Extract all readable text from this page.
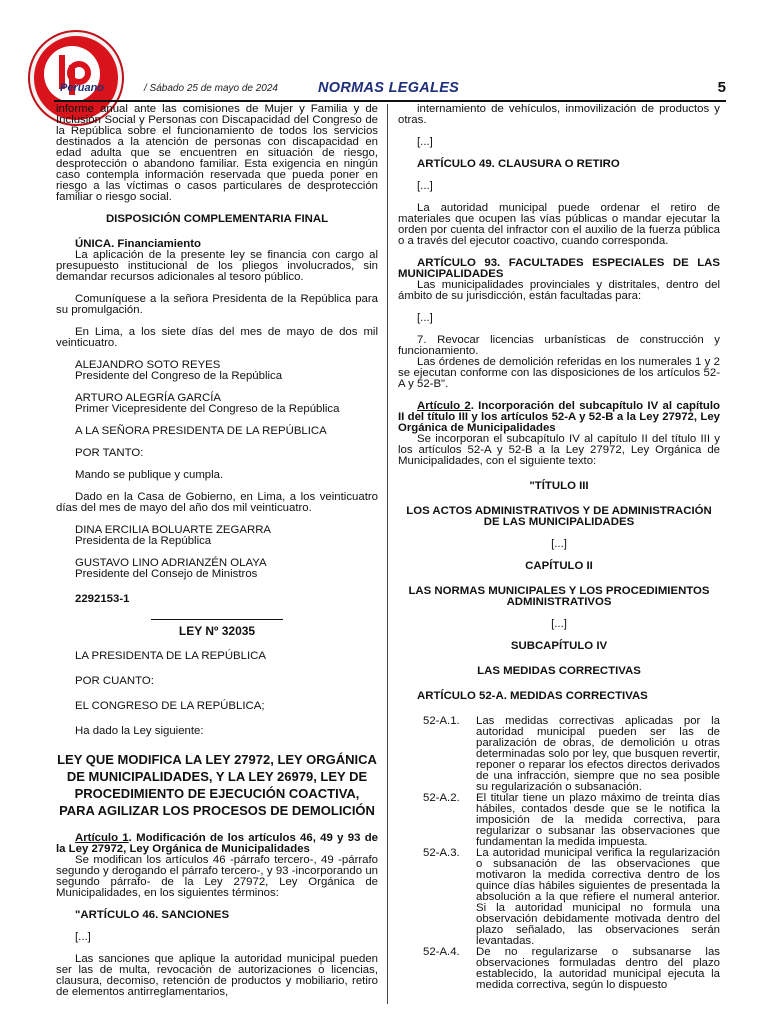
Peruano	/ Sábado 25 de mayo de 2024	NORMAS LEGALES	5

informe anual ante las comisiones de Mujer y Familia y de Inclusión Social y Personas con Discapacidad del Congreso de la República sobre el funcionamiento de todos los servicios destinados a la atención de personas con discapacidad en edad adulta que se encuentren en situación de riesgo, desprotección o abandono familiar. Esta exigencia en ningún caso contempla información reservada que pueda poner en riesgo a las víctimas o casos particulares de desprotección familiar o riesgo social.

DISPOSICIÓN COMPLEMENTARIA FINAL

ÚNICA. Financiamiento

La aplicación de la presente ley se financia con cargo al presupuesto institucional de los pliegos involucrados, sin demandar recursos adicionales al tesoro público.

Comuníquese a la señora Presidenta de la República para su promulgación.

En Lima, a los siete días del mes de mayo de dos mil veinticuatro.

ALEJANDRO SOTO REYES

Presidente del Congreso de la República

ARTURO ALEGRÍA GARCÍA

Primer Vicepresidente del Congreso de la República

A LA SEÑORA PRESIDENTA DE LA REPÚBLICA

POR TANTO:

Mando se publique y cumpla.

Dado en la Casa de Gobierno, en Lima, a los veinticuatro días del mes de mayo del año dos mil veinticuatro.

DINA ERCILIA BOLUARTE ZEGARRA

Presidenta de la República

GUSTAVO LINO ADRIANZÉN OLAYA

Presidente del Consejo de Ministros

2292153-1

LEY Nº 32035

LA PRESIDENTA DE LA REPÚBLICA

POR CUANTO:

EL CONGRESO DE LA REPÚBLICA;

Ha dado la Ley siguiente:

LEY QUE MODIFICA LA LEY 27972, LEY ORGÁNICA DE MUNICIPALIDADES, Y LA LEY 26979, LEY DE PROCEDIMIENTO DE EJECUCIÓN COACTIVA, PARA AGILIZAR LOS PROCESOS DE DEMOLICIÓN

Artículo 1. Modificación de los artículos 46, 49 y 93 de la Ley 27972, Ley Orgánica de Municipalidades

Se modifican los artículos 46 -párrafo tercero-, 49 -párrafo segundo y derogando el párrafo tercero-, y 93 -incorporando un segundo párrafo- de la Ley 27972, Ley Orgánica de Municipalidades, en los siguientes términos:

"ARTÍCULO 46. SANCIONES

[...]

Las sanciones que aplique la autoridad municipal pueden ser las de multa, revocación de autorizaciones o licencias, clausura, decomiso, retención de productos y mobiliario, retiro de elementos antirreglamentarios,

internamiento de vehículos, inmovilización de productos y otras.

[...]

ARTÍCULO 49. CLAUSURA O RETIRO

[...]

La autoridad municipal puede ordenar el retiro de materiales que ocupen las vías públicas o mandar ejecutar la orden por cuenta del infractor con el auxilio de la fuerza pública o a través del ejecutor coactivo, cuando corresponda.

ARTÍCULO 93. FACULTADES ESPECIALES DE LAS MUNICIPALIDADES

Las municipalidades provinciales y distritales, dentro del ámbito de su jurisdicción, están facultadas para:

[...]

7. Revocar licencias urbanísticas de construcción y funcionamiento.

Las órdenes de demolición referidas en los numerales 1 y 2 se ejecutan conforme con las disposiciones de los artículos 52-A y 52-B".

Artículo 2. Incorporación del subcapítulo IV al capítulo II del título III y los artículos 52-A y 52-B a la Ley 27972, Ley Orgánica de Municipalidades

Se incorporan el subcapítulo IV al capítulo II del título III y los artículos 52-A y 52-B a la Ley 27972, Ley Orgánica de Municipalidades, con el siguiente texto:

"TÍTULO III

LOS ACTOS ADMINISTRATIVOS Y DE ADMINISTRACIÓN DE LAS MUNICIPALIDADES

[...]

CAPÍTULO II

LAS NORMAS MUNICIPALES Y LOS PROCEDIMIENTOS ADMINISTRATIVOS

[...]

SUBCAPÍTULO IV

LAS MEDIDAS CORRECTIVAS

ARTÍCULO 52-A. MEDIDAS CORRECTIVAS

52-A.1.	Las medidas correctivas aplicadas por la autoridad municipal pueden ser las de paralización de obras, de demolición u otras determinadas solo por ley, que busquen revertir, reponer o reparar los efectos directos derivados de una infracción, siempre que no sea posible su regularización o subsanación.
52-A.2.	El titular tiene un plazo máximo de treinta días hábiles, contados desde que se le notifica la imposición de la medida correctiva, para regularizar o subsanar las observaciones que fundamentan la medida impuesta.
52-A.3.	La autoridad municipal verifica la regularización o subsanación de las observaciones que motivaron la medida correctiva dentro de los quince días hábiles siguientes de presentada la absolución a la que refiere el numeral anterior. Si la autoridad municipal no formula una observación debidamente motivada dentro del plazo señalado, las observaciones serán levantadas.
52-A.4.	De no regularizarse o subsanarse las observaciones formuladas dentro del plazo establecido, la autoridad municipal ejecuta la medida correctiva, según lo dispuesto
